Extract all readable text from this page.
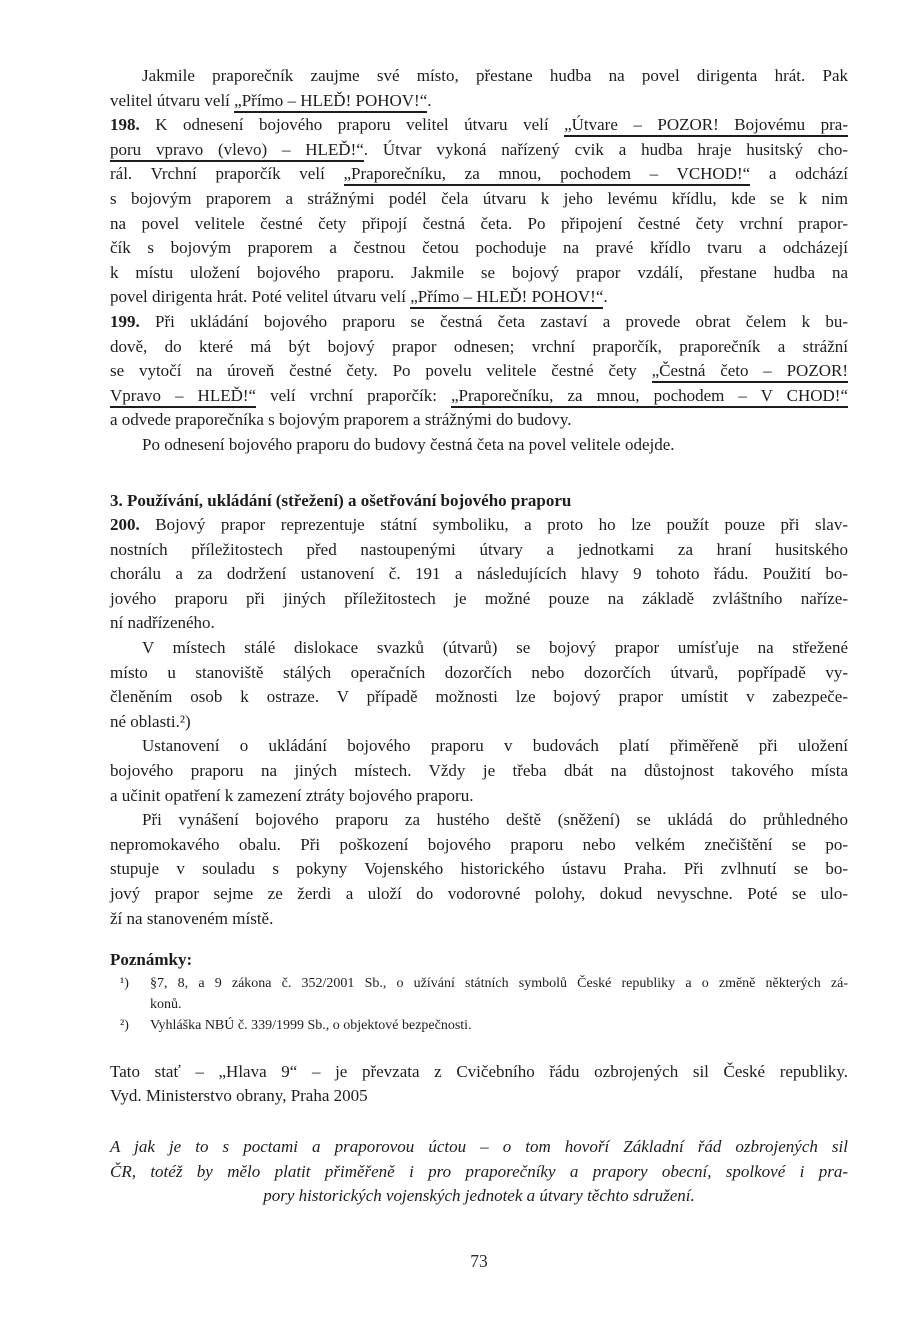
Jakmile praporečník zaujme své místo, přestane hudba na povel dirigenta hrát. Pak
velitel útvaru velí „Přímo – HLEĎ! POHOV!“.
198. K odnesení bojového praporu velitel útvaru velí „Útvare – POZOR! Bojovému pra-
poru vpravo (vlevo) – HLEĎ!“. Útvar vykoná nařízený cvik a hudba hraje husitský cho-
rál. Vrchní praporčík velí „Praporečníku, za mnou, pochodem – VCHOD!“ a odchází
s bojovým praporem a strážnými podél čela útvaru k jeho levému křídlu, kde se k nim
na povel velitele čestné čety připojí čestná četa. Po připojení čestné čety vrchní prapor-
čík s bojovým praporem a čestnou četou pochoduje na pravé křídlo tvaru a odcházejí
k místu uložení bojového praporu. Jakmile se bojový prapor vzdálí, přestane hudba na
povel dirigenta hrát. Poté velitel útvaru velí „Přímo – HLEĎ! POHOV!“.
199. Při ukládání bojového praporu se čestná četa zastaví a provede obrat čelem k bu-
dově, do které má být bojový prapor odnesen; vrchní praporčík, praporečník a strážní
se vytočí na úroveň čestné čety. Po povelu velitele čestné čety „Čestná četo – POZOR!
Vpravo – HLEĎ!“ velí vrchní praporčík: „Praporečníku, za mnou, pochodem – V CHOD!“
a odvede praporečníka s bojovým praporem a strážnými do budovy.
Po odnesení bojového praporu do budovy čestná četa na povel velitele odejde.
3. Používání, ukládání (střežení) a ošetřování bojového praporu
200. Bojový prapor reprezentuje státní symboliku, a proto ho lze použít pouze při slav-
nostních příležitostech před nastoupenými útvary a jednotkami za hraní husitského
chorálu a za dodržení ustanovení č. 191 a následujících hlavy 9 tohoto řádu. Použití bo-
jového praporu při jiných příležitostech je možné pouze na základě zvláštního naříze-
ní nadřízeného.
V místech stálé dislokace svazků (útvarů) se bojový prapor umísťuje na střežené
místo u stanoviště stálých operačních dozorčích nebo dozorčích útvarů, popřípadě vy-
členěním osob k ostraze. V případě možnosti lze bojový prapor umístit v zabezpeče-
né oblasti.²)
Ustanovení o ukládání bojového praporu v budovách platí přiměřeně při uložení
bojového praporu na jiných místech. Vždy je třeba dbát na důstojnost takového místa
a učinit opatření k zamezení ztráty bojového praporu.
Při vynášení bojového praporu za hustého deště (sněžení) se ukládá do průhledného
nepromokavého obalu. Při poškození bojového praporu nebo velkém znečištění se po-
stupuje v souladu s pokyny Vojenského historického ústavu Praha. Při zvlhnutí se bo-
jový prapor sejme ze žerdi a uloží do vodorovné polohy, dokud nevyschne. Poté se ulo-
ží na stanoveném místě.
Poznámky:
¹) §7, 8, a 9 zákona č. 352/2001 Sb., o užívání státních symbolů České republiky a o změně některých zá-
konů.
²) Vyhláška NBÚ č. 339/1999 Sb., o objektové bezpečnosti.
Tato stať – „Hlava 9“ – je převzata z Cvičebního řádu ozbrojených sil České republiky.
Vyd. Ministerstvo obrany, Praha 2005
A jak je to s poctami a praporovou úctou – o tom hovoří Základní řád ozbrojených sil
ČR, totéž by mělo platit přiměřeně i pro praporečníky a prapory obecní, spolkové i pra-
pory historických vojenských jednotek a útvary těchto sdružení.
73
